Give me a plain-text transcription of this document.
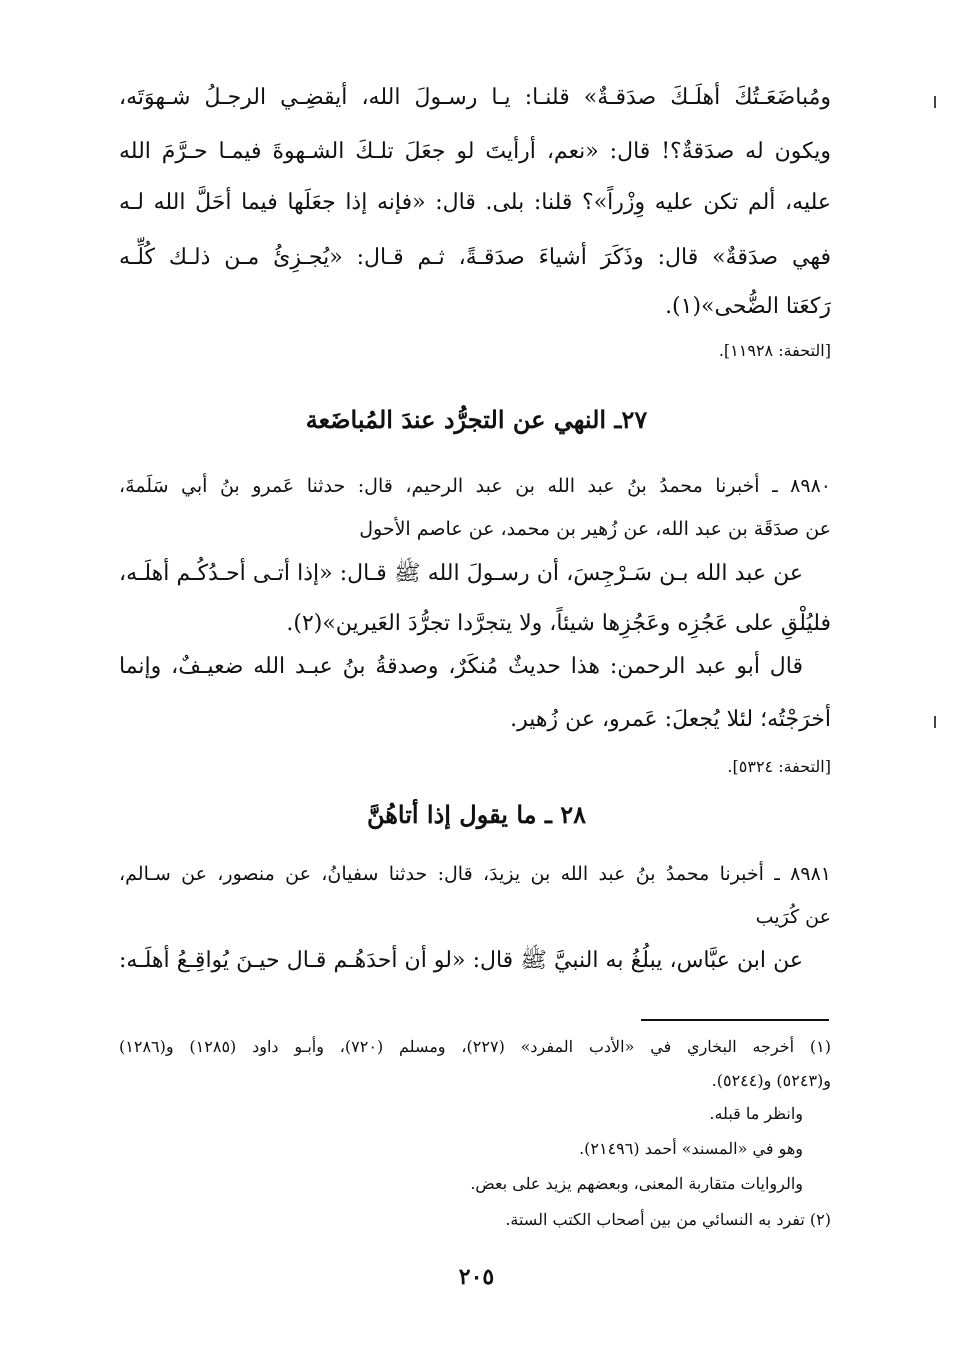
ومُباضَعَـتُكَ أهلَـكَ صدَقـةٌ» قلنـا: يـا رسـولَ الله، أيقضِـي الرجـلُ شـهوَتَه،
ويكون له صدَقةٌ؟! قال: «نعم، أرأيتَ لو جعَلَ تلـكَ الشـهوةَ فيمـا حـرَّمَ الله
عليه، ألم تكن عليه وِزْراً»؟ قلنا: بلى. قال: «فإنه إذا جعَلَها فيما أحَلَّ الله لـه
فهي صدَقةٌ» قال: وذَكَرَ أشياءَ صدَقـةً، ثـم قـال: «يُجـزِئُ مـن ذلـك كُلِّـه
رَكعَتا الضُّحى»(١).
[التحفة: ١١٩٢٨].
٢٧ـ النهي عن التجرُّد عندَ المُباضَعة
٨٩٨٠ ـ أخبرنا محمدُ بنُ عبد الله بن عبد الرحيم، قال: حدثنا عَمرو بنُ أبي سَلَمةَ،
عن صدَقَة بن عبد الله، عن زُهير بن محمد، عن عاصم الأحول
عن عبد الله بـن سَـرْجِسَ، أن رسـولَ الله ﷺ قـال: «إذا أتـى أحـدُكُـم أهلَـه،
فليُلْقِ على عَجُزِه وعَجُزِها شيئاً، ولا يتجرَّدا تجرُّدَ العَيرين»(٢).
قال أبو عبد الرحمن: هذا حديثٌ مُنكَرٌ، وصدقةُ بنُ عبـد الله ضعيـفٌ، وإنما
أخرَجْتُه؛ لئلا يُجعلَ: عَمرو، عن زُهير.
[التحفة: ٥٣٢٤].
٢٨ ـ ما يقول إذا أتاهُنَّ
٨٩٨١ ـ أخبرنا محمدُ بنُ عبد الله بن يزيدَ، قال: حدثنا سفيانُ، عن منصور، عن سـالم،
عن كُرَيب
عن ابن عبَّاس، يبلُغُ به النبيَّ ﷺ قال: «لو أن أحدَهُـم قـال حيـنَ يُواقِـعُ أهلَـه:
(١) أخرجه البخاري في «الأدب المفرد» (٢٢٧)، ومسلم (٧٢٠)، وأبـو داود (١٢٨٥) و(١٢٨٦)
و(٥٢٤٣) و(٥٢٤٤).
وانظر ما قبله.
وهو في «المسند» أحمد (٢١٤٩٦).
والروايات متقاربة المعنى، وبعضهم يزيد على بعض.
(٢) تفرد به النسائي من بين أصحاب الكتب الستة.
٢٠٥
